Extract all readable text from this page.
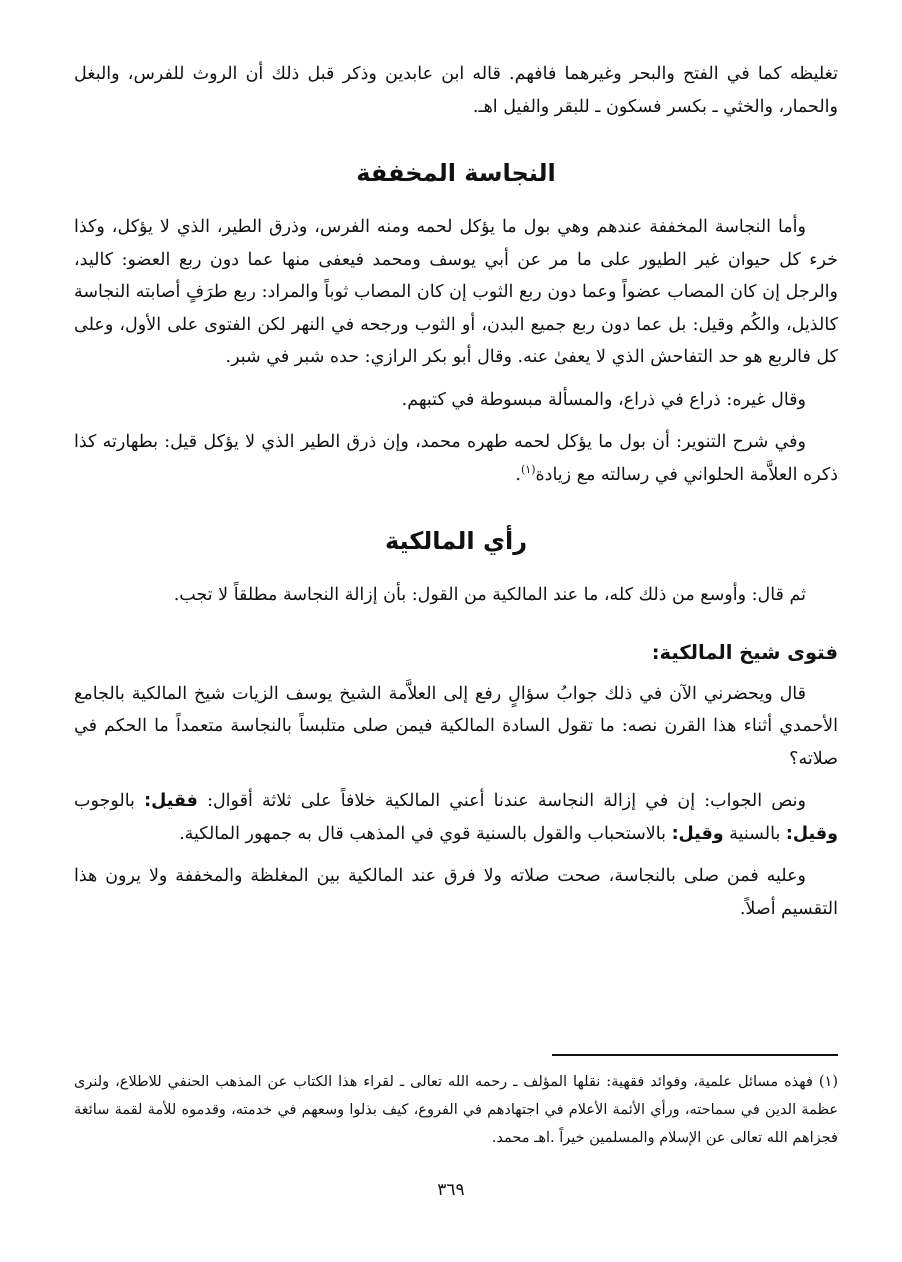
تغليظه كما في الفتح والبحر وغيرهما فافهم. قاله ابن عابدين وذكر قبل ذلك أن الروث للفرس، والبغل والحمار، والخثي ـ بكسر فسكون ـ للبقر والفيل اهـ.

النجاسة المخففة

وأما النجاسة المخففة عندهم وهي بول ما يؤكل لحمه ومنه الفرس، وذرق الطير، الذي لا يؤكل، وكذا خرء كل حيوان غير الطيور على ما مر عن أبي يوسف ومحمد فيعفى منها عما دون ربع العضو: كاليد، والرجل إن كان المصاب عضواً وعما دون ربع الثوب إن كان المصاب ثوباً والمراد: ربع طرَفٍ أصابته النجاسة كالذيل، والكُم وقيل: بل عما دون ربع جميع البدن، أو الثوب ورجحه في النهر لكن الفتوى على الأول، وعلى كل فالربع هو حد التفاحش الذي لا يعفىٰ عنه. وقال أبو بكر الرازي: حده شبر في شبر.

وقال غيره: ذراع في ذراع، والمسألة مبسوطة في كتبهم.

وفي شرح التنوير: أن بول ما يؤكل لحمه طهره محمد، وإن ذرق الطير الذي لا يؤكل قيل: بطهارته كذا ذكره العلاَّمة الحلواني في رسالته مع زيادة$^{(١)}$.

رأي المالكية

ثم قال: وأوسع من ذلك كله، ما عند المالكية من القول: بأن إزالة النجاسة مطلقاً لا تجب.

فتوى شيخ المالكية:

قال ويحضرني الآن في ذلك جوابُ سؤالٍ رفع إلى العلاَّمة الشيخ يوسف الزيات شيخ المالكية بالجامع الأحمدي أثناء هذا القرن نصه: ما تقول السادة المالكية فيمن صلى متلبساً بالنجاسة متعمداً ما الحكم في صلاته؟

ونص الجواب: إن في إزالة النجاسة عندنا أعني المالكية خلافاً على ثلاثة أقوال: فقيل: بالوجوب وقيل: بالسنية وقيل: بالاستحباب والقول بالسنية قوي في المذهب قال به جمهور المالكية.

وعليه فمن صلى بالنجاسة، صحت صلاته ولا فرق عند المالكية بين المغلظة والمخففة ولا يرون هذا التقسيم أصلاً.

(١) فهذه مسائل علمية، وفوائد فقهية: نقلها المؤلف ـ رحمه الله تعالى ـ لقراء هذا الكتاب عن المذهب الحنفي للاطلاع، ولنرى عظمة الدين في سماحته، ورأي الأئمة الأعلام في اجتهادهم في الفروع، كيف بذلوا وسعهم في خدمته، وقدموه للأمة لقمة سائغة فجزاهم الله تعالى عن الإسلام والمسلمين خيراً .اهـ محمد.
٣٦٩
